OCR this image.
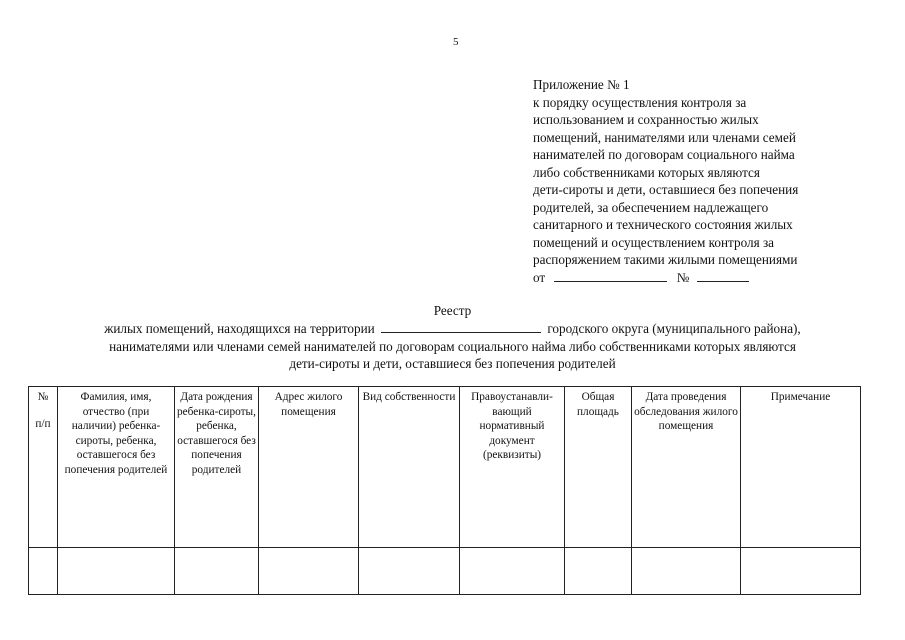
5
Приложение № 1
к порядку осуществления контроля за
использованием и сохранностью жилых
помещений, нанимателями или членами семей
нанимателей по договорам социального найма
либо собственниками которых являются
дети-сироты и дети, оставшиеся без попечения
родителей, за обеспечением надлежащего
санитарного и технического состояния жилых
помещений и осуществлением контроля за
распоряжением такими жилыми помещениями
от	№
Реестр
жилых помещений, находящихся на территории	городского округа (муниципального района),
нанимателями или членами семей нанимателей по договорам социального найма либо собственниками которых являются
дети-сироты и дети, оставшиеся без попечения родителей
№
п/п	Фамилия, имя, отчество (при наличии) ребенка-сироты, ребенка, оставшегося без попечения родителей	Дата рождения ребенка-сироты, ребенка, оставшегося без попечения родителей	Адрес жилого помещения	Вид собственности	Правоустанавли-вающий нормативный документ (реквизиты)	Общая площадь	Дата проведения обследования жилого помещения	Примечание
